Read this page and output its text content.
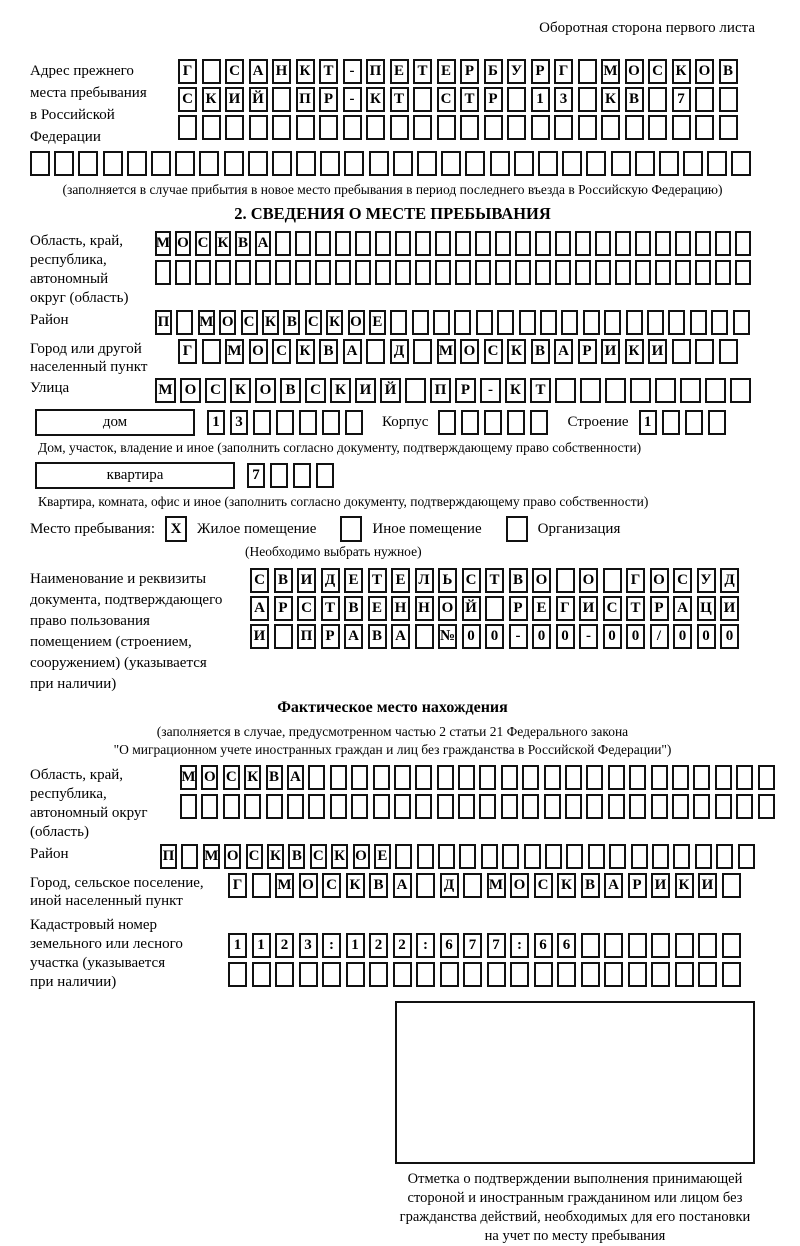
Оборотная сторона первого листа
Адрес прежнего
места пребывания
в Российской
Федерации
Г	С А Н К Т	-	П Е Т Е Р Б У Р Г	М О С К О В
С К И Й П Р	-	К Т	С Т Р	1	3	К В	7
(заполняется в случае прибытия в новое место пребывания в период последнего въезда в Российскую Федерацию)
2. СВЕДЕНИЯ О МЕСТЕ ПРЕБЫВАНИЯ
Область, край,
республика,
автономный
округ (область)
М О С К В А
Район	П М О С К В С К О Е
Город или другой
населенный пункт
Г	М О С К В А Д М О С К В А Р И К И
Улица	М О С К О В С К И Й	П Р	-	К Т
дом	1	3	Корпус	Строение	1
Дом, участок, владение и иное (заполнить согласно документу, подтверждающему право собственности)
квартира	7
Квартира, комната, офис и иное (заполнить согласно документу, подтверждающему право собственности)
Место пребывания:	X	Жилое помещение	Иное помещение	Организация
(Необходимо выбрать нужное)
Наименование и реквизиты
документа, подтверждающего
право пользования
помещением (строением,
сооружением) (указывается
при наличии)
С В И Д Е Т Е Л Ь С Т В О О	Г О С У Д
А Р С Т В Е Н Н О Й	Р Е Г И С Т Р А Ц И
И П Р А В А № 0	0	-	0	0	-	0	0	/	0	0	0
Фактическое место нахождения
(заполняется в случае, предусмотренном частью 2 статьи 21 Федерального закона
"О миграционном учете иностранных граждан и лиц без гражданства в Российской Федерации")
Область, край,
республика,
автономный округ
(область)
М О С К В А
Район	П М О С К В С К О Е
Город, сельское поселение,
иной населенный пункт
Г	М О С К В А Д М О С К В А Р И К И
Кадастровый номер
земельного или лесного
участка (указывается
при наличии)
1	1	2	3	:	1	2	2	:	6	7	7	:	6	6
Отметка о подтверждении выполнения принимающей
стороной и иностранным гражданином или лицом без
гражданства действий, необходимых для его постановки
на учет по месту пребывания
